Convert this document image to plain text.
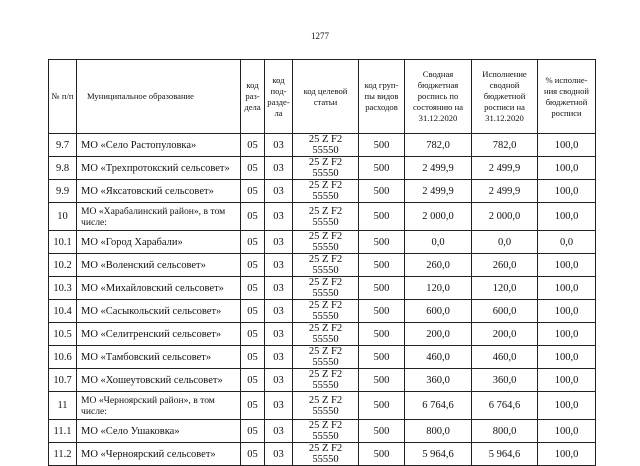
1277
№ п/п	Муниципальное образование	код раз-дела	код под-разде-ла	код целевой статьи	код груп-пы видов расходов	Сводная бюджетная роспись по состоянию на 31.12.2020	Исполнение сводной бюджетной росписи на 31.12.2020	% исполне-ния сводной бюджетной росписи
9.7	МО «Село Растопуловка»	05	03	25 Z F2 55550	500	782,0	782,0	100,0
9.8	МО «Трехпротокский сельсовет»	05	03	25 Z F2 55550	500	2 499,9	2 499,9	100,0
9.9	МО «Яксатовский сельсовет»	05	03	25 Z F2 55550	500	2 499,9	2 499,9	100,0
10	МО «Харабалинский район», в том числе:	05	03	25 Z F2 55550	500	2 000,0	2 000,0	100,0
10.1	МО «Город Харабали»	05	03	25 Z F2 55550	500	0,0	0,0	0,0
10.2	МО «Воленский сельсовет»	05	03	25 Z F2 55550	500	260,0	260,0	100,0
10.3	МО «Михайловский сельсовет»	05	03	25 Z F2 55550	500	120,0	120,0	100,0
10.4	МО «Сасыкольский сельсовет»	05	03	25 Z F2 55550	500	600,0	600,0	100,0
10.5	МО «Селитренский сельсовет»	05	03	25 Z F2 55550	500	200,0	200,0	100,0
10.6	МО «Тамбовский сельсовет»	05	03	25 Z F2 55550	500	460,0	460,0	100,0
10.7	МО «Хошеутовский сельсовет»	05	03	25 Z F2 55550	500	360,0	360,0	100,0
11	МО «Черноярский район», в том числе:	05	03	25 Z F2 55550	500	6 764,6	6 764,6	100,0
11.1	МО «Село Ушаковка»	05	03	25 Z F2 55550	500	800,0	800,0	100,0
11.2	МО «Черноярский сельсовет»	05	03	25 Z F2 55550	500	5 964,6	5 964,6	100,0
